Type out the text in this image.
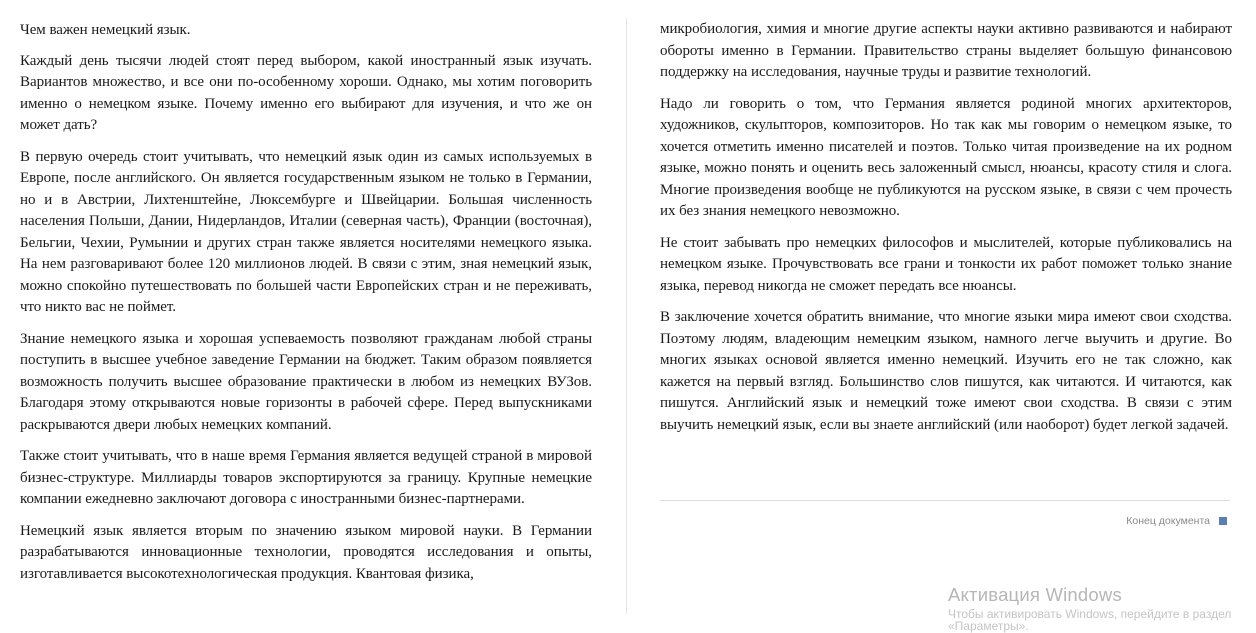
Чем важен немецкий язык.

Каждый день тысячи людей стоят перед выбором, какой иностранный язык изучать. Вариантов множество, и все они по-особенному хороши. Однако, мы хотим поговорить именно о немецком языке. Почему именно его выбирают для изучения, и что же он может дать?

В первую очередь стоит учитывать, что немецкий язык один из самых используемых в Европе, после английского. Он является государственным языком не только в Германии, но и в Австрии, Лихтенштейне, Люксембурге и Швейцарии. Большая численность населения Польши, Дании, Нидерландов, Италии (северная часть), Франции (восточная), Бельгии, Чехии, Румынии и других стран также является носителями немецкого языка. На нем разговаривают более 120 миллионов людей. В связи с этим, зная немецкий язык, можно спокойно путешествовать по большей части Европейских стран и не переживать, что никто вас не поймет.

Знание немецкого языка и хорошая успеваемость позволяют гражданам любой страны поступить в высшее учебное заведение Германии на бюджет. Таким образом появляется возможность получить высшее образование практически в любом из немецких ВУЗов. Благодаря этому открываются новые горизонты в рабочей сфере. Перед выпускниками раскрываются двери любых немецких компаний.

Также стоит учитывать, что в наше время Германия является ведущей страной в мировой бизнес-структуре. Миллиарды товаров экспортируются за границу. Крупные немецкие компании ежедневно заключают договора с иностранными бизнес-партнерами.

Немецкий язык является вторым по значению языком мировой науки. В Германии разрабатываются инновационные технологии, проводятся исследования и опыты, изготавливается высокотехнологическая продукция. Квантовая физика,

микробиология, химия и многие другие аспекты науки активно развиваются и набирают обороты именно в Германии. Правительство страны выделяет большую финансовою поддержку на исследования, научные труды и развитие технологий.

Надо ли говорить о том, что Германия является родиной многих архитекторов, художников, скульпторов, композиторов. Но так как мы говорим о немецком языке, то хочется отметить именно писателей и поэтов. Только читая произведение на их родном языке, можно понять и оценить весь заложенный смысл, нюансы, красоту стиля и слога. Многие произведения вообще не публикуются на русском языке, в связи с чем прочесть их без знания немецкого невозможно.

Не стоит забывать про немецких философов и мыслителей, которые публиковались на немецком языке. Прочувствовать все грани и тонкости их работ поможет только знание языка, перевод никогда не сможет передать все нюансы.

В заключение хочется обратить внимание, что многие языки мира имеют свои сходства. Поэтому людям, владеющим немецким языком, намного легче выучить и другие. Во многих языках основой является именно немецкий. Изучить его не так сложно, как кажется на первый взгляд. Большинство слов пишутся, как читаются. И читаются, как пишутся. Английский язык и немецкий тоже имеют свои сходства. В связи с этим выучить немецкий язык, если вы знаете английский (или наоборот) будет легкой задачей.

Конец документа
Активация Windows
Чтобы активировать Windows, перейдите в раздел «Параметры».
